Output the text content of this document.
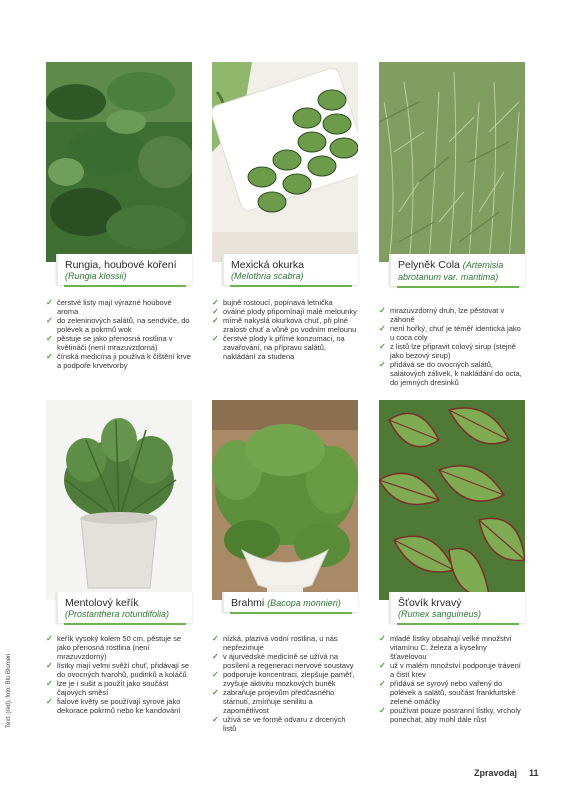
Rungia, houbové koření
(Rungia klossii)
✓ čerstvé listy mají výrazné houbové aroma
✓ do zeleninových salátů, na sendviče, do polévek a pokrmů wok
✓ pěstuje se jako přenosná rostlina v květináči (není mrazuvzdorná)
✓ čínská medicína ji používá k čištění krve a podpoře krvetvorby
Mexická okurka
(Melothria scabra)
✓ bujně rostoucí, popínavá letnička
✓ oválné plody připomínají malé melounky
✓ mírně nakyslá okurková chuť, při plné zralosti chuť a vůně po vodním melounu
✓ čerstvé plody k přímé konzumaci, na zavařování, na přípravu salátů, nakládání za studena
Pelyněk Cola (Artemisia abrotanum var. maritima)
✓ mrazuvzdorný druh, lze pěstovat v záhoně
✓ není hořký, chuť je téměř identická jako u coca coly
✓ z listů lze připravit colový sirup (stejně jako bezový sirup)
✓ přidává se do ovocných salátů, salátových zálivek, k nakládání do octa, do jemných dresinků
Mentolový keřík
(Prostanthera rotundifolia)
✓ keřík vysoký kolem 50 cm, pěstuje se jako přenosná rostlina (není mrazuvzdorný)
✓ lístky mají velmi svěží chuť, přidávají se do ovocných tvarohů, pudinků a koláčů
✓ lze je i sušit a použít jako součást čajových směsí
✓ fialové květy se používají syrové jako dekorace pokrmů nebo ke kandování
Brahmi (Bacopa monnieri)
✓ nízká, plazivá vodní rostlina, u nás nepřezimuje
✓ v ájurvédské medicíně se užívá na posílení a regeneraci nervové soustavy
✓ podporuje koncentraci, zlepšuje paměť, zvyšuje aktivitu mozkových buněk
✓ zabraňuje projevům předčasného stárnutí, zmírňuje senilitu a zapomětlivost
✓ užívá se ve formě odvaru z drcených listů
Šťovík krvavý
(Rumex sanguineus)
✓ mladé lístky obsahují velké množství vitamínu C, železa a kyseliny šťavelovou
✓ už v malém množství podporuje trávení a čistí krev
✓ přidává se syrový nebo vařený do polévek a salátů, součást frankfurtské zelené omáčky
✓ používat pouze postranní lístky, vrcholy ponechat, aby mohl dále růst
Text: (red), foto: Blu Blumen
Zpravodaj 11
